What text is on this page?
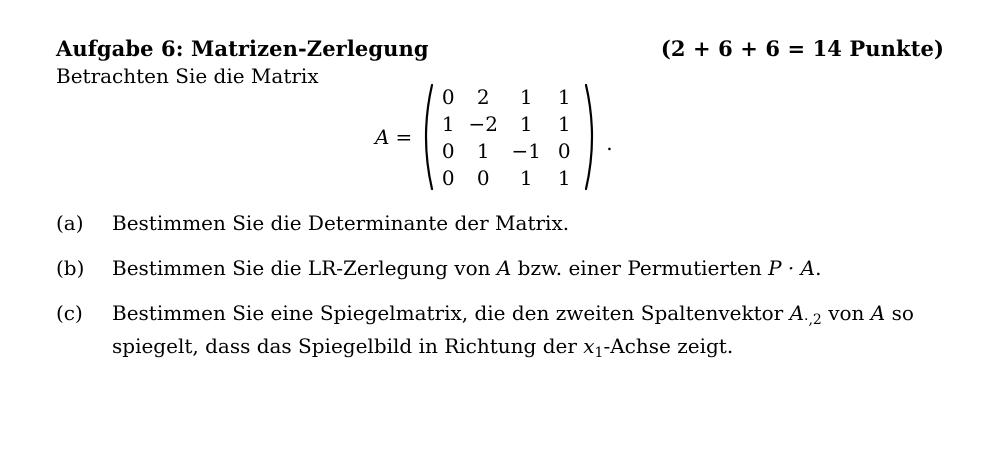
Aufgabe 6: Matrizen-Zerlegung	(2 + 6 + 6 = 14 Punkte)
Betrachten Sie die Matrix
A =
0 2 1 1
1 −2 1 1
0 1 −1 0
0 0 1 1
.
(a)	Bestimmen Sie die Determinante der Matrix.
(b)	Bestimmen Sie die LR-Zerlegung von A bzw. einer Permutierten P · A.
(c)	Bestimmen Sie eine Spiegelmatrix, die den zweiten Spaltenvektor $A_{\cdot,2}$ von A so spiegelt, dass das Spiegelbild in Richtung der $x_1$-Achse zeigt.
